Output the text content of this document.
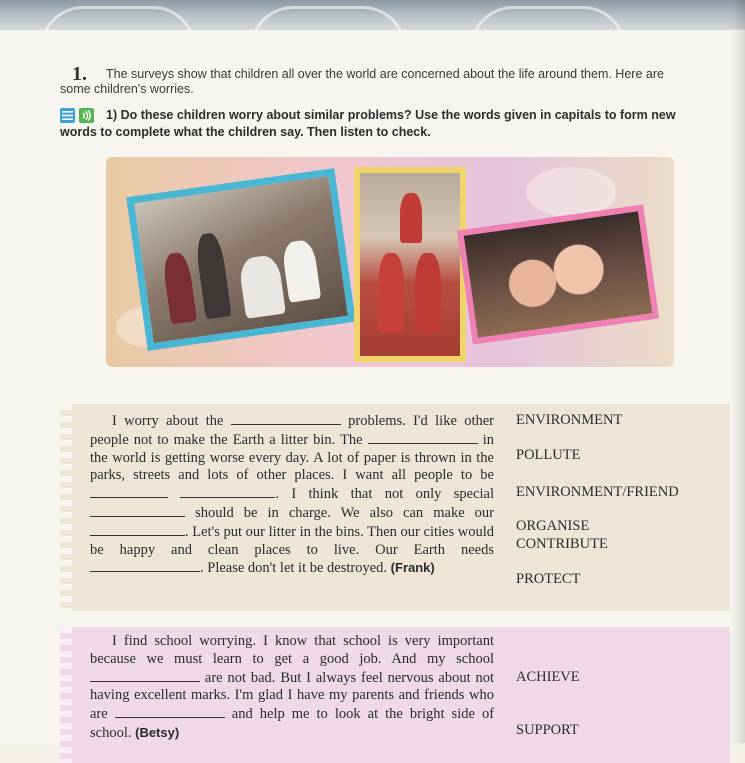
1.	The surveys show that children all over the world are concerned about the life around them. Here are some children's worries.
1) Do these children worry about similar problems? Use the words given in capitals to form new words to complete what the children say. Then listen to check.
I worry about the	problems. I'd like other people not to make the Earth a litter bin. The	in the world is getting worse every day. A lot of paper is thrown in the parks, streets and lots of other places. I want all people to be  . I think that not only special  should be in charge. We also can make our . Let's put our litter in the bins. Then our cities would be happy and clean places to live. Our Earth needs . Please don't let it be destroyed. (Frank)
ENVIRONMENT
POLLUTE
ENVIRONMENT/FRIEND
ORGANISE
CONTRIBUTE
PROTECT
I find school worrying. I know that school is very important because we must learn to get a good job. And my school  are not bad. But I always feel nervous about not having excellent marks. I'm glad I have my parents and friends who are	and help me to look at the bright side of school. (Betsy)
ACHIEVE
SUPPORT
